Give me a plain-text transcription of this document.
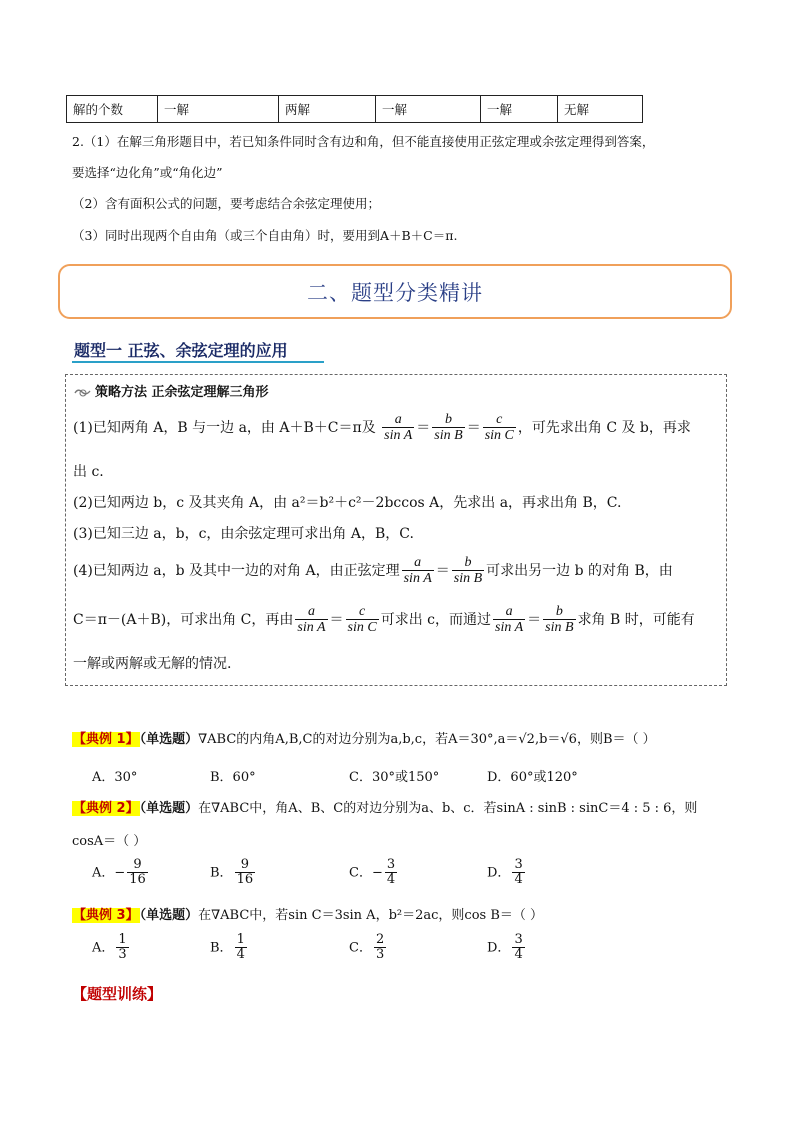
解的个数	一解	两解	一解	一解	无解
2.（1）在解三角形题目中，若已知条件同时含有边和角，但不能直接使用正弦定理或余弦定理得到答案，
要选择“边化角”或“角化边”
（2）含有面积公式的问题，要考虑结合余弦定理使用；
（3）同时出现两个自由角（或三个自由角）时，要用到A＋B＋C＝π.
二、题型分类精讲
题型一 正弦、余弦定理的应用
策略方法 正余弦定理解三角形
(1)已知两角 A，B 与一边 a，由 A＋B＋C＝π及 $\frac{a}{\text{sin A}} = \frac{b}{\text{sin B}} = \frac{c}{\text{sin C}}$ ，可先求出角 C 及 b，再求
出 c.
(2)已知两边 b，c 及其夹角 A，由 a²＝b²＋c²－2bccos A，先求出 a，再求出角 B，C.
(3)已知三边 a，b，c，由余弦定理可求出角 A，B，C.
(4)已知两边 a，b 及其中一边的对角 A，由正弦定理 $\frac{a}{\text{sin A}} = \frac{b}{\text{sin B}}$ 可求出另一边 b 的对角 B，由
C＝π－(A＋B)，可求出角 C，再由 $\frac{a}{\text{sin A}} = \frac{c}{\text{sin C}}$ 可求出 c，而通过 $\frac{a}{\text{sin A}} = \frac{b}{\text{sin B}}$ 求角 B 时，可能有
一解或两解或无解的情况.
【典例 1】（单选题）∇ABC的内角A,B,C的对边分别为a,b,c，若A＝30°,a＝√2,b＝√6，则B＝（ ）
A．30°	B．60°	C．30°或150°	D．60°或120°
【典例 2】（单选题）在∇ABC中，角A、B、C的对边分别为a、b、c．若sinA : sinB : sinC＝4 : 5 : 6，则
cosA＝（ ）
A．− $\frac{9}{16}$	B． $\frac{9}{16}$	C．− $\frac{3}{4}$	D． $\frac{3}{4}$
【典例 3】（单选题）在∇ABC中，若sin C＝3sin A，b²＝2ac，则cos B＝（ ）
A． $\frac{1}{3}$	B． $\frac{1}{4}$	C． $\frac{2}{3}$	D． $\frac{3}{4}$
【题型训练】
